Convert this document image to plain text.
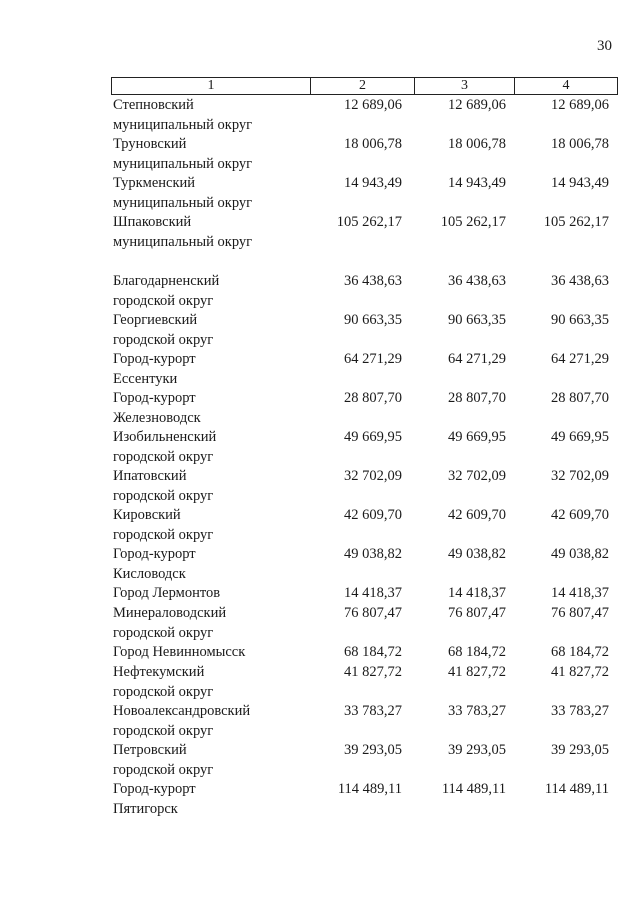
30
1	2	3	4
Степновский
муниципальный округ
12 689,06	12 689,06	12 689,06
Труновский
муниципальный округ
18 006,78	18 006,78	18 006,78
Туркменский
муниципальный округ
14 943,49	14 943,49	14 943,49
Шпаковский
муниципальный округ
105 262,17	105 262,17	105 262,17
Благодарненский
городской округ
36 438,63	36 438,63	36 438,63
Георгиевский
городской округ
90 663,35	90 663,35	90 663,35
Город-курорт
Ессентуки
64 271,29	64 271,29	64 271,29
Город-курорт
Железноводск
28 807,70	28 807,70	28 807,70
Изобильненский
городской округ
49 669,95	49 669,95	49 669,95
Ипатовский
городской округ
32 702,09	32 702,09	32 702,09
Кировский
городской округ
42 609,70	42 609,70	42 609,70
Город-курорт
Кисловодск
49 038,82	49 038,82	49 038,82
Город Лермонтов	14 418,37	14 418,37	14 418,37
Минераловодский
городской округ
76 807,47	76 807,47	76 807,47
Город Невинномысск	68 184,72	68 184,72	68 184,72
Нефтекумский
городской округ
41 827,72	41 827,72	41 827,72
Новоалександровский
городской округ
33 783,27	33 783,27	33 783,27
Петровский
городской округ
39 293,05	39 293,05	39 293,05
Город-курорт
Пятигорск
114 489,11	114 489,11	114 489,11
